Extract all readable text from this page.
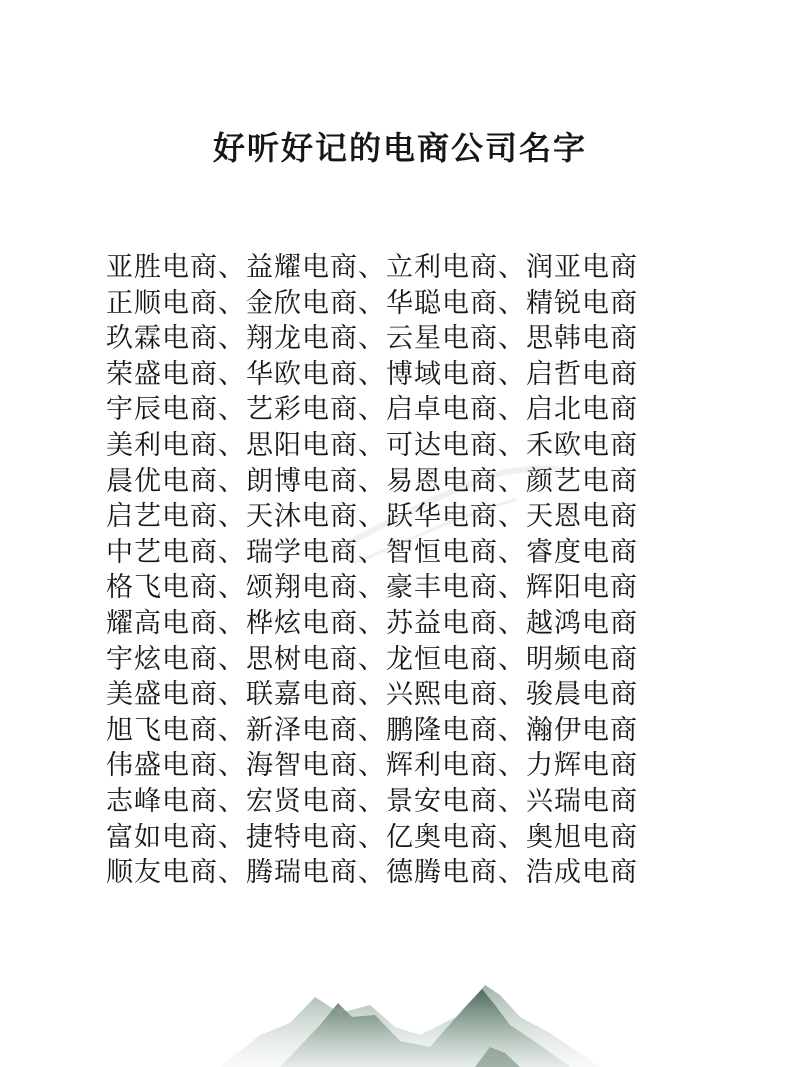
好听好记的电商公司名字
亚胜电商、益耀电商、立利电商、润亚电商
正顺电商、金欣电商、华聪电商、精锐电商
玖霖电商、翔龙电商、云星电商、思韩电商
荣盛电商、华欧电商、博域电商、启哲电商
宇辰电商、艺彩电商、启卓电商、启北电商
美利电商、思阳电商、可达电商、禾欧电商
晨优电商、朗博电商、易恩电商、颜艺电商
启艺电商、天沐电商、跃华电商、天恩电商
中艺电商、瑞学电商、智恒电商、睿度电商
格飞电商、颂翔电商、豪丰电商、辉阳电商
耀高电商、桦炫电商、苏益电商、越鸿电商
宇炫电商、思树电商、龙恒电商、明频电商
美盛电商、联嘉电商、兴熙电商、骏晨电商
旭飞电商、新泽电商、鹏隆电商、瀚伊电商
伟盛电商、海智电商、辉利电商、力辉电商
志峰电商、宏贤电商、景安电商、兴瑞电商
富如电商、捷特电商、亿奥电商、奥旭电商
顺友电商、腾瑞电商、德腾电商、浩成电商
